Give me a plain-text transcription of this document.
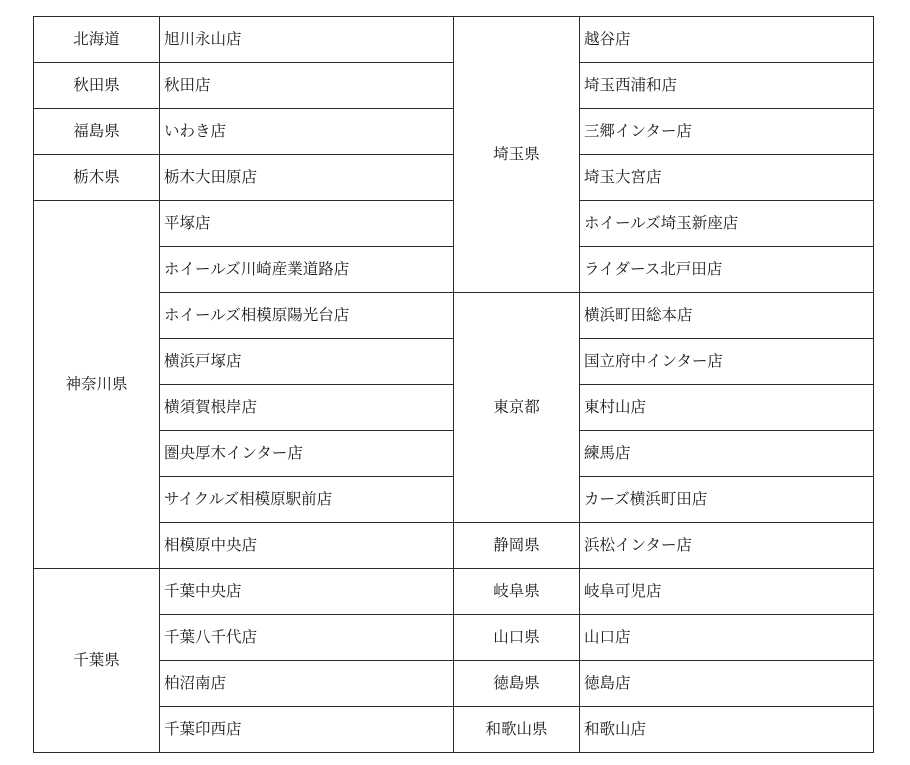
北海道	旭川永山店	埼玉県	越谷店
秋田県	秋田店		埼玉西浦和店
福島県	いわき店		三郷インター店
栃木県	栃木大田原店		埼玉大宮店
神奈川県	平塚店		ホイールズ埼玉新座店
	ホイールズ川崎産業道路店		ライダース北戸田店
	ホイールズ相模原陽光台店	東京都	横浜町田総本店
	横浜戸塚店		国立府中インター店
	横須賀根岸店		東村山店
	圏央厚木インター店		練馬店
	サイクルズ相模原駅前店		カーズ横浜町田店
	相模原中央店	静岡県	浜松インター店
千葉県	千葉中央店	岐阜県	岐阜可児店
	千葉八千代店	山口県	山口店
	柏沼南店	徳島県	徳島店
	千葉印西店	和歌山県	和歌山店
